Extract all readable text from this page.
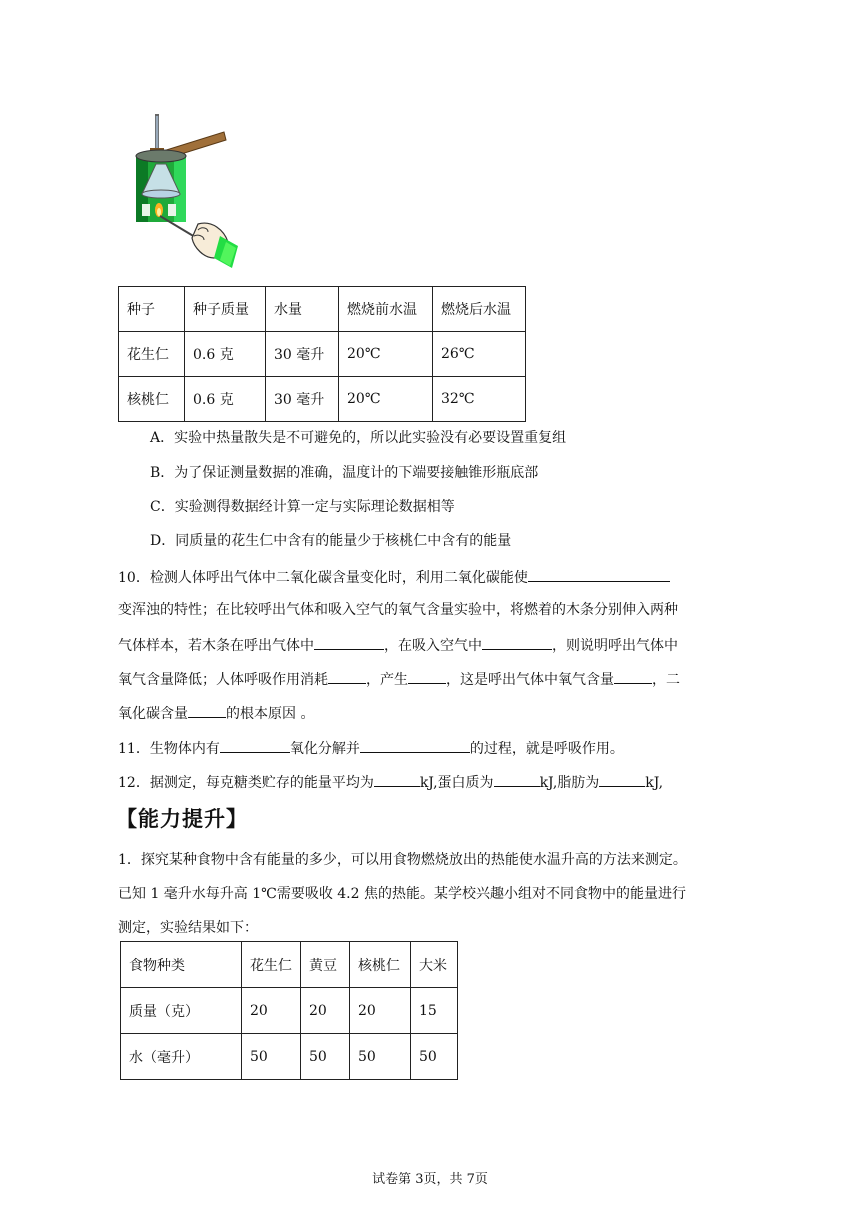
种子	种子质量	水量	燃烧前水温	燃烧后水温
花生仁	0.6 克	30 毫升	20℃	26℃
核桃仁	0.6 克	30 毫升	20℃	32℃
A．实验中热量散失是不可避免的，所以此实验没有必要设置重复组
B．为了保证测量数据的准确，温度计的下端要接触锥形瓶底部
C．实验测得数据经计算一定与实际理论数据相等
D．同质量的花生仁中含有的能量少于核桃仁中含有的能量
10．检测人体呼出气体中二氧化碳含量变化时，利用二氧化碳能使
变浑浊的特性；在比较呼出气体和吸入空气的氧气含量实验中，将燃着的木条分别伸入两种
气体样本，若木条在呼出气体中	，在吸入空气中	，则说明呼出气体中
氧气含量降低；人体呼吸作用消耗	，产生	，这是呼出气体中氧气含量	，二
氧化碳含量	的根本原因 。
11．生物体内有	氧化分解并	的过程，就是呼吸作用。
12．据测定，每克糖类贮存的能量平均为	kJ,蛋白质为	kJ,脂肪为	kJ,
【能力提升】
1．探究某种食物中含有能量的多少，可以用食物燃烧放出的热能使水温升高的方法来测定。
已知 1 毫升水每升高 1℃需要吸收 4.2 焦的热能。某学校兴趣小组对不同食物中的能量进行
测定，实验结果如下：
食物种类	花生仁	黄豆	核桃仁	大米
质量（克）	20	20	20	15
水（毫升）	50	50	50	50
试卷第 3页，共 7页
